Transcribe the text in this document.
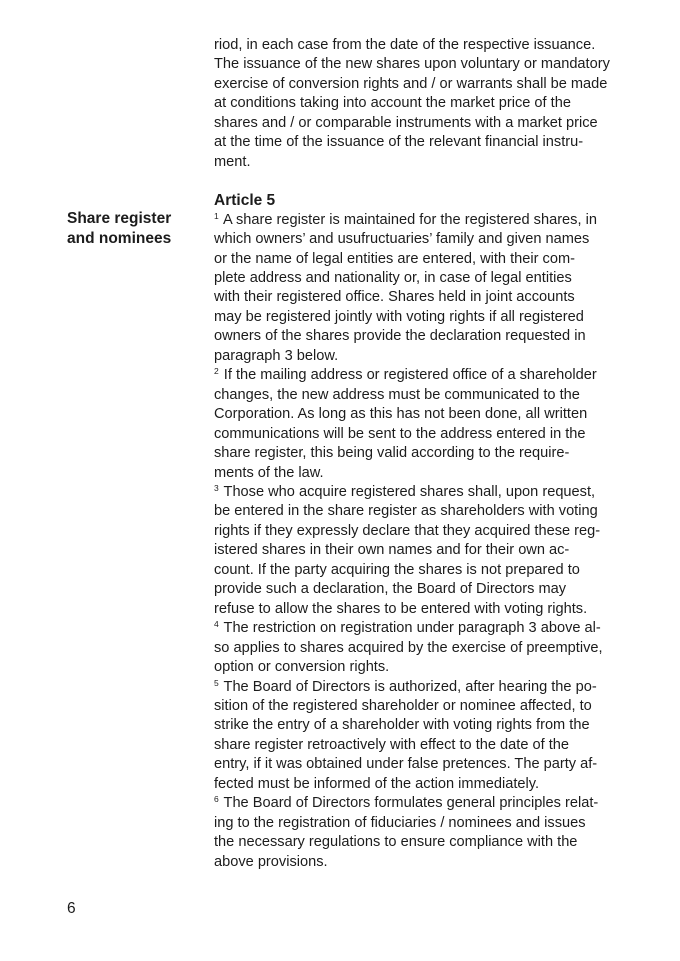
Share register
and nominees
riod, in each case from the date of the respective issuance.
The issuance of the new shares upon voluntary or mandatory
exercise of conversion rights and / or warrants shall be made
at conditions taking into account the market price of the
shares and / or comparable instruments with a market price
at the time of the issuance of the relevant financial instru-
ment.
Article 5
$^1$ A share register is maintained for the registered shares, in
which owners’ and usufructuaries’ family and given names
or the name of legal entities are entered, with their com-
plete address and nationality or, in case of legal entities
with their registered office. Shares held in joint accounts
may be registered jointly with voting rights if all registered
owners of the shares provide the declaration requested in
paragraph 3 below.
$^2$ If the mailing address or registered office of a shareholder
changes, the new address must be communicated to the
Corporation. As long as this has not been done, all written
communications will be sent to the address entered in the
share register, this being valid according to the require-
ments of the law.
$^3$ Those who acquire registered shares shall, upon request,
be entered in the share register as shareholders with voting
rights if they expressly declare that they acquired these reg-
istered shares in their own names and for their own ac-
count. If the party acquiring the shares is not prepared to
provide such a declaration, the Board of Directors may
refuse to allow the shares to be entered with voting rights.
$^4$ The restriction on registration under paragraph 3 above al-
so applies to shares acquired by the exercise of preemptive,
option or conversion rights.
$^5$ The Board of Directors is authorized, after hearing the po-
sition of the registered shareholder or nominee affected, to
strike the entry of a shareholder with voting rights from the
share register retroactively with effect to the date of the
entry, if it was obtained under false pretences. The party af-
fected must be informed of the action immediately.
$^6$ The Board of Directors formulates general principles relat-
ing to the registration of fiduciaries / nominees and issues
the necessary regulations to ensure compliance with the
above provisions.
6
